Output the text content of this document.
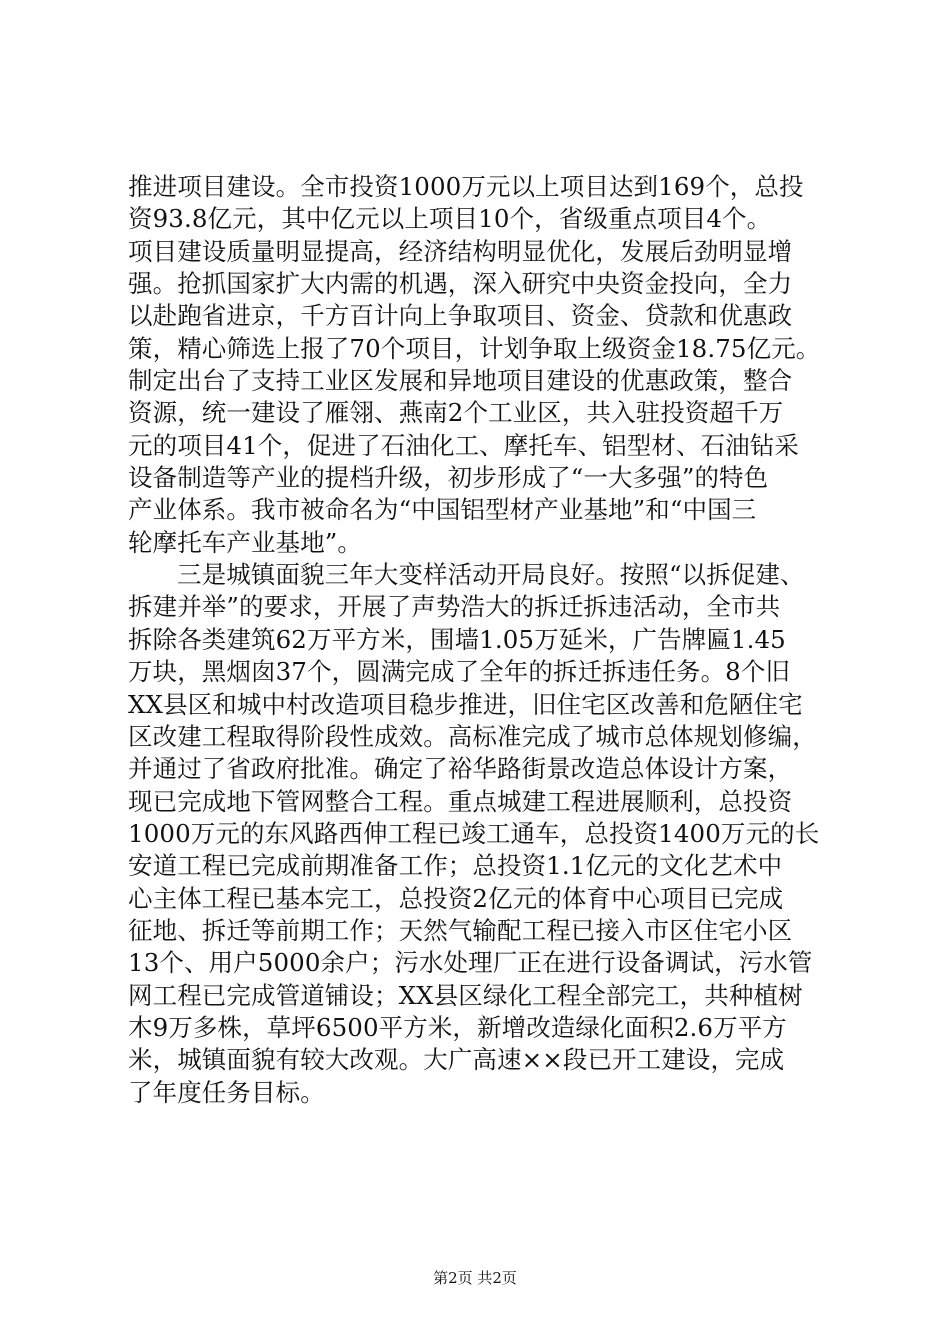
推进项目建设。全市投资1000万元以上项目达到169个，总投
资93.8亿元，其中亿元以上项目10个，省级重点项目4个。
项目建设质量明显提高，经济结构明显优化，发展后劲明显增
强。抢抓国家扩大内需的机遇，深入研究中央资金投向，全力
以赴跑省进京，千方百计向上争取项目、资金、贷款和优惠政
策，精心筛选上报了70个项目，计划争取上级资金18.75亿元。
制定出台了支持工业区发展和异地项目建设的优惠政策，整合
资源，统一建设了雁翎、燕南2个工业区，共入驻投资超千万
元的项目41个，促进了石油化工、摩托车、铝型材、石油钻采
设备制造等产业的提档升级，初步形成了“一大多强”的特色
产业体系。我市被命名为“中国铝型材产业基地”和“中国三
轮摩托车产业基地”。
三是城镇面貌三年大变样活动开局良好。按照“以拆促建、
拆建并举”的要求，开展了声势浩大的拆迁拆违活动，全市共
拆除各类建筑62万平方米，围墙1.05万延米，广告牌匾1.45
万块，黑烟囱37个，圆满完成了全年的拆迁拆违任务。8个旧
XX县区和城中村改造项目稳步推进，旧住宅区改善和危陋住宅
区改建工程取得阶段性成效。高标准完成了城市总体规划修编，
并通过了省政府批准。确定了裕华路街景改造总体设计方案，
现已完成地下管网整合工程。重点城建工程进展顺利，总投资
1000万元的东风路西伸工程已竣工通车，总投资1400万元的长
安道工程已完成前期准备工作；总投资1.1亿元的文化艺术中
心主体工程已基本完工，总投资2亿元的体育中心项目已完成
征地、拆迁等前期工作；天然气输配工程已接入市区住宅小区
13个、用户5000余户；污水处理厂正在进行设备调试，污水管
网工程已完成管道铺设；XX县区绿化工程全部完工，共种植树
木9万多株，草坪6500平方米，新增改造绿化面积2.6万平方
米，城镇面貌有较大改观。大广高速××段已开工建设，完成
了年度任务目标。
第2页 共2页
